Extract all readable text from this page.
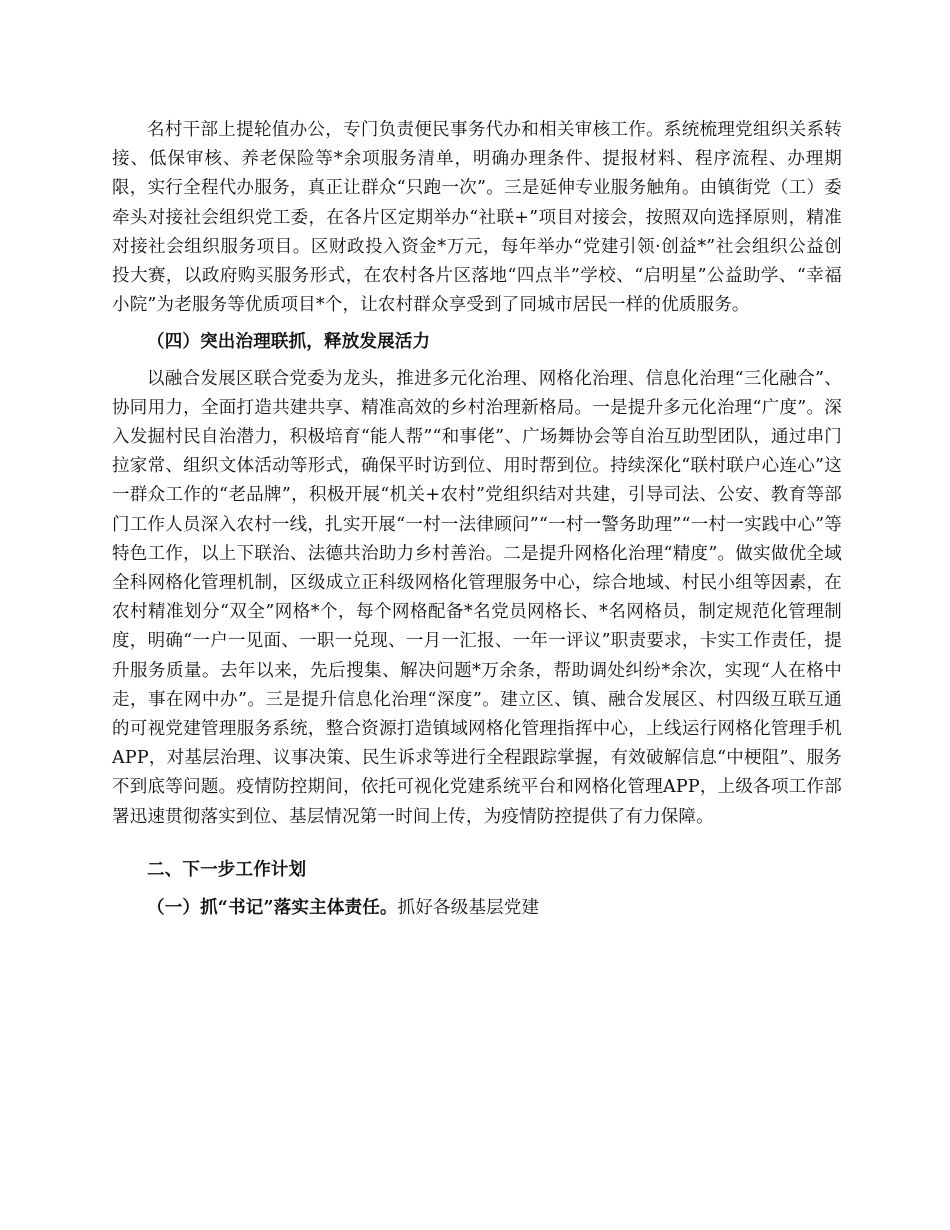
名村干部上提轮值办公，专门负责便民事务代办和相关审核工作。系统梳理党组织关系转接、低保审核、养老保险等*余项服务清单，明确办理条件、提报材料、程序流程、办理期限，实行全程代办服务，真正让群众“只跑一次”。三是延伸专业服务触角。由镇街党（工）委牵头对接社会组织党工委，在各片区定期举办“社联+”项目对接会，按照双向选择原则，精准对接社会组织服务项目。区财政投入资金*万元，每年举办“党建引领·创益*”社会组织公益创投大赛，以政府购买服务形式，在农村各片区落地“四点半”学校、“启明星”公益助学、“幸福小院”为老服务等优质项目*个，让农村群众享受到了同城市居民一样的优质服务。

（四）突出治理联抓，释放发展活力

以融合发展区联合党委为龙头，推进多元化治理、网格化治理、信息化治理“三化融合”、协同用力，全面打造共建共享、精准高效的乡村治理新格局。一是提升多元化治理“广度”。深入发掘村民自治潜力，积极培育“能人帮”“和事佬”、广场舞协会等自治互助型团队，通过串门拉家常、组织文体活动等形式，确保平时访到位、用时帮到位。持续深化“联村联户心连心”这一群众工作的“老品牌”，积极开展“机关+农村”党组织结对共建，引导司法、公安、教育等部门工作人员深入农村一线，扎实开展“一村一法律顾问”“一村一警务助理”“一村一实践中心”等特色工作，以上下联治、法德共治助力乡村善治。二是提升网格化治理“精度”。做实做优全域全科网格化管理机制，区级成立正科级网格化管理服务中心，综合地域、村民小组等因素，在农村精准划分“双全”网格*个，每个网格配备*名党员网格长、*名网格员，制定规范化管理制度，明确“一户一见面、一职一兑现、一月一汇报、一年一评议”职责要求，卡实工作责任，提升服务质量。去年以来，先后搜集、解决问题*万余条，帮助调处纠纷*余次，实现“人在格中走，事在网中办”。三是提升信息化治理“深度”。建立区、镇、融合发展区、村四级互联互通的可视党建管理服务系统，整合资源打造镇域网格化管理指挥中心，上线运行网格化管理手机APP，对基层治理、议事决策、民生诉求等进行全程跟踪掌握，有效破解信息“中梗阻”、服务不到底等问题。疫情防控期间，依托可视化党建系统平台和网格化管理APP，上级各项工作部署迅速贯彻落实到位、基层情况第一时间上传，为疫情防控提供了有力保障。

二、下一步工作计划

（一）抓“书记”落实主体责任。抓好各级基层党建
